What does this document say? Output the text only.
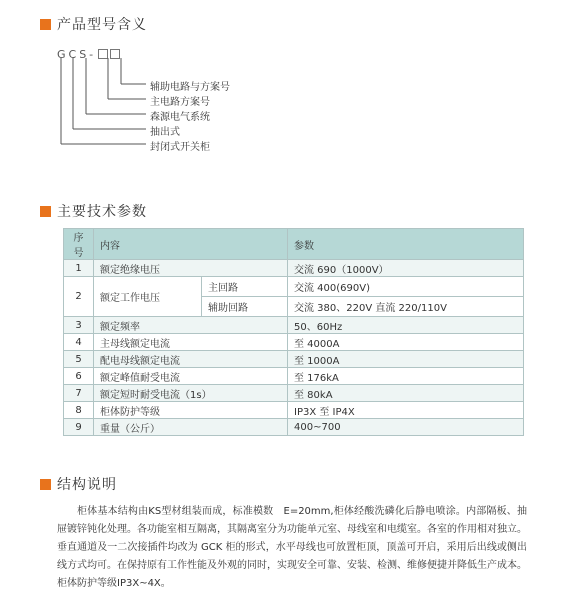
产品型号含义
GCS-
辅助电路与方案号
主电路方案号
森源电气系统
抽出式
封闭式开关柜
主要技术参数
序号	内容		参数
1	额定绝缘电压		交流 690（1000V）
2	额定工作电压	主回路	交流 400(690V)
		辅助回路	交流 380、220V 直流 220/110V
3	额定频率		50、60Hz
4	主母线额定电流		至 4000A
5	配电母线额定电流		至 1000A
6	额定峰值耐受电流		至 176kA
7	额定短时耐受电流（1s）		至 80kA
8	柜体防护等级		IP3X 至 IP4X
9	重量（公斤）		400~700
结构说明
柜体基本结构由KS型材组装而成，标准模数　E=20mm,柜体经酸洗磷化后静电喷涂。内部隔板、抽屉镀锌钝化处理。各功能室相互隔离，其隔离室分为功能单元室、母线室和电缆室。各室的作用相对独立。垂直通道及一二次接插件均改为 GCK 柜的形式，水平母线也可放置柜顶，顶盖可开启，采用后出线或侧出线方式均可。在保持原有工作性能及外观的同时，实现安全可靠、安装、检测、维修便捷并降低生产成本。柜体防护等级IP3X~4X。
